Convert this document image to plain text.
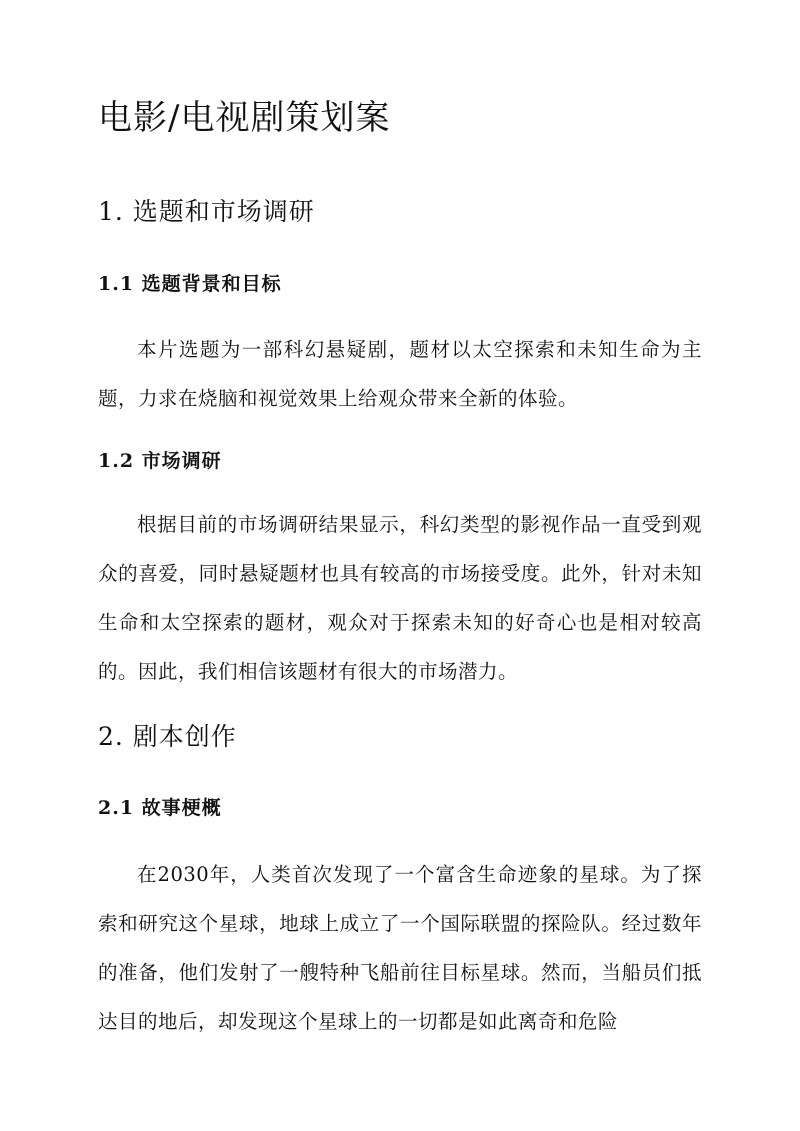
电影/电视剧策划案
1. 选题和市场调研
1.1 选题背景和目标
本片选题为一部科幻悬疑剧，题材以太空探索和未知生命为主题，力求在烧脑和视觉效果上给观众带来全新的体验。
1.2 市场调研
根据目前的市场调研结果显示，科幻类型的影视作品一直受到观众的喜爱，同时悬疑题材也具有较高的市场接受度。此外，针对未知生命和太空探索的题材，观众对于探索未知的好奇心也是相对较高的。因此，我们相信该题材有很大的市场潜力。
2. 剧本创作
2.1 故事梗概
在2030年，人类首次发现了一个富含生命迹象的星球。为了探索和研究这个星球，地球上成立了一个国际联盟的探险队。经过数年的准备，他们发射了一艘特种飞船前往目标星球。然而，当船员们抵达目的地后，却发现这个星球上的一切都是如此离奇和危险
